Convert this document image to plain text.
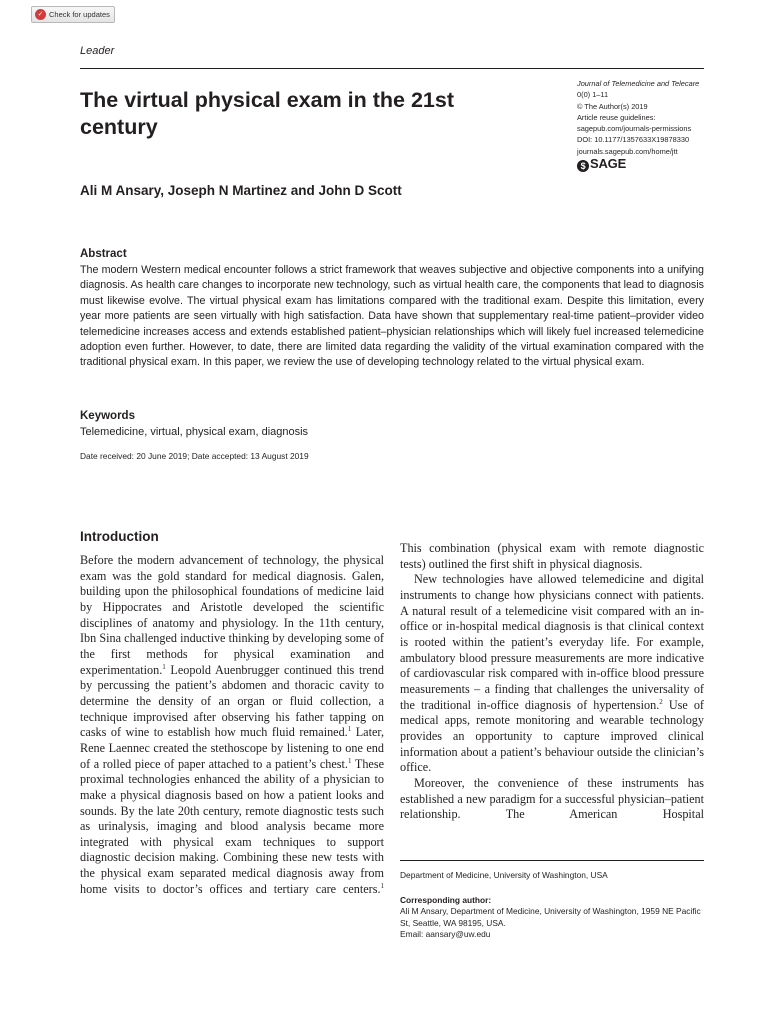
✓ Check for updates
Leader
The virtual physical exam in the 21st century
Journal of Telemedicine and Telecare
0(0) 1–11
© The Author(s) 2019
Article reuse guidelines:
sagepub.com/journals-permissions
DOI: 10.1177/1357633X19878330
journals.sagepub.com/home/jtt
$ SAGE
Ali M Ansary, Joseph N Martinez and John D Scott
Abstract

The modern Western medical encounter follows a strict framework that weaves subjective and objective components into a unifying diagnosis. As health care changes to incorporate new technology, such as virtual health care, the components that lead to diagnosis must likewise evolve. The virtual physical exam has limitations compared with the traditional exam. Despite this limitation, every year more patients are seen virtually with high satisfaction. Data have shown that supplementary real-time patient–provider video telemedicine increases access and extends established patient–physician relationships which will likely fuel increased telemedicine adoption even further. However, to date, there are limited data regarding the validity of the virtual examination compared with the traditional physical exam. In this paper, we review the use of developing technology related to the virtual physical exam.

Keywords
Telemedicine, virtual, physical exam, diagnosis
Date received: 20 June 2019; Date accepted: 13 August 2019
Introduction

Before the modern advancement of technology, the physical exam was the gold standard for medical diagnosis. Galen, building upon the philosophical foundations of medicine laid by Hippocrates and Aristotle developed the scientific disciplines of anatomy and physiology. In the 11th century, Ibn Sina challenged inductive thinking by developing some of the first methods for physical examination and experimentation.$^1$ Leopold Auenbrugger continued this trend by percussing the patient’s abdomen and thoracic cavity to determine the density of an organ or fluid collection, a technique improvised after observing his father tapping on casks of wine to establish how much fluid remained.$^1$ Later, Rene Laennec created the stethoscope by listening to one end of a rolled piece of paper attached to a patient’s chest.$^1$ These proximal technologies enhanced the ability of a physician to make a physical diagnosis based on how a patient looks and sounds. By the late 20th century, remote diagnostic tests such as urinalysis, imaging and blood analysis became more integrated with physical exam techniques to support diagnostic decision making. Combining these new tests with the physical exam separated medical diagnosis away from home visits to doctor’s offices and tertiary care centers.$^1$

This combination (physical exam with remote diagnostic tests) outlined the first shift in physical diagnosis.

New technologies have allowed telemedicine and digital instruments to change how physicians connect with patients. A natural result of a telemedicine visit compared with an in-office or in-hospital medical diagnosis is that clinical context is rooted within the patient’s everyday life. For example, ambulatory blood pressure measurements are more indicative of cardiovascular risk compared with in-office blood pressure measurements – a finding that challenges the universality of the traditional in-office diagnosis of hypertension.$^2$ Use of medical apps, remote monitoring and wearable technology provides an opportunity to capture improved clinical information about a patient’s behaviour outside the clinician’s office.

Moreover, the convenience of these instruments has established a new paradigm for a successful physician–patient relationship. The American Hospital

Department of Medicine, University of Washington, USA
Corresponding author:
Ali M Ansary, Department of Medicine, University of Washington, 1959 NE Pacific St, Seattle, WA 98195, USA.
Email: aansary@uw.edu
